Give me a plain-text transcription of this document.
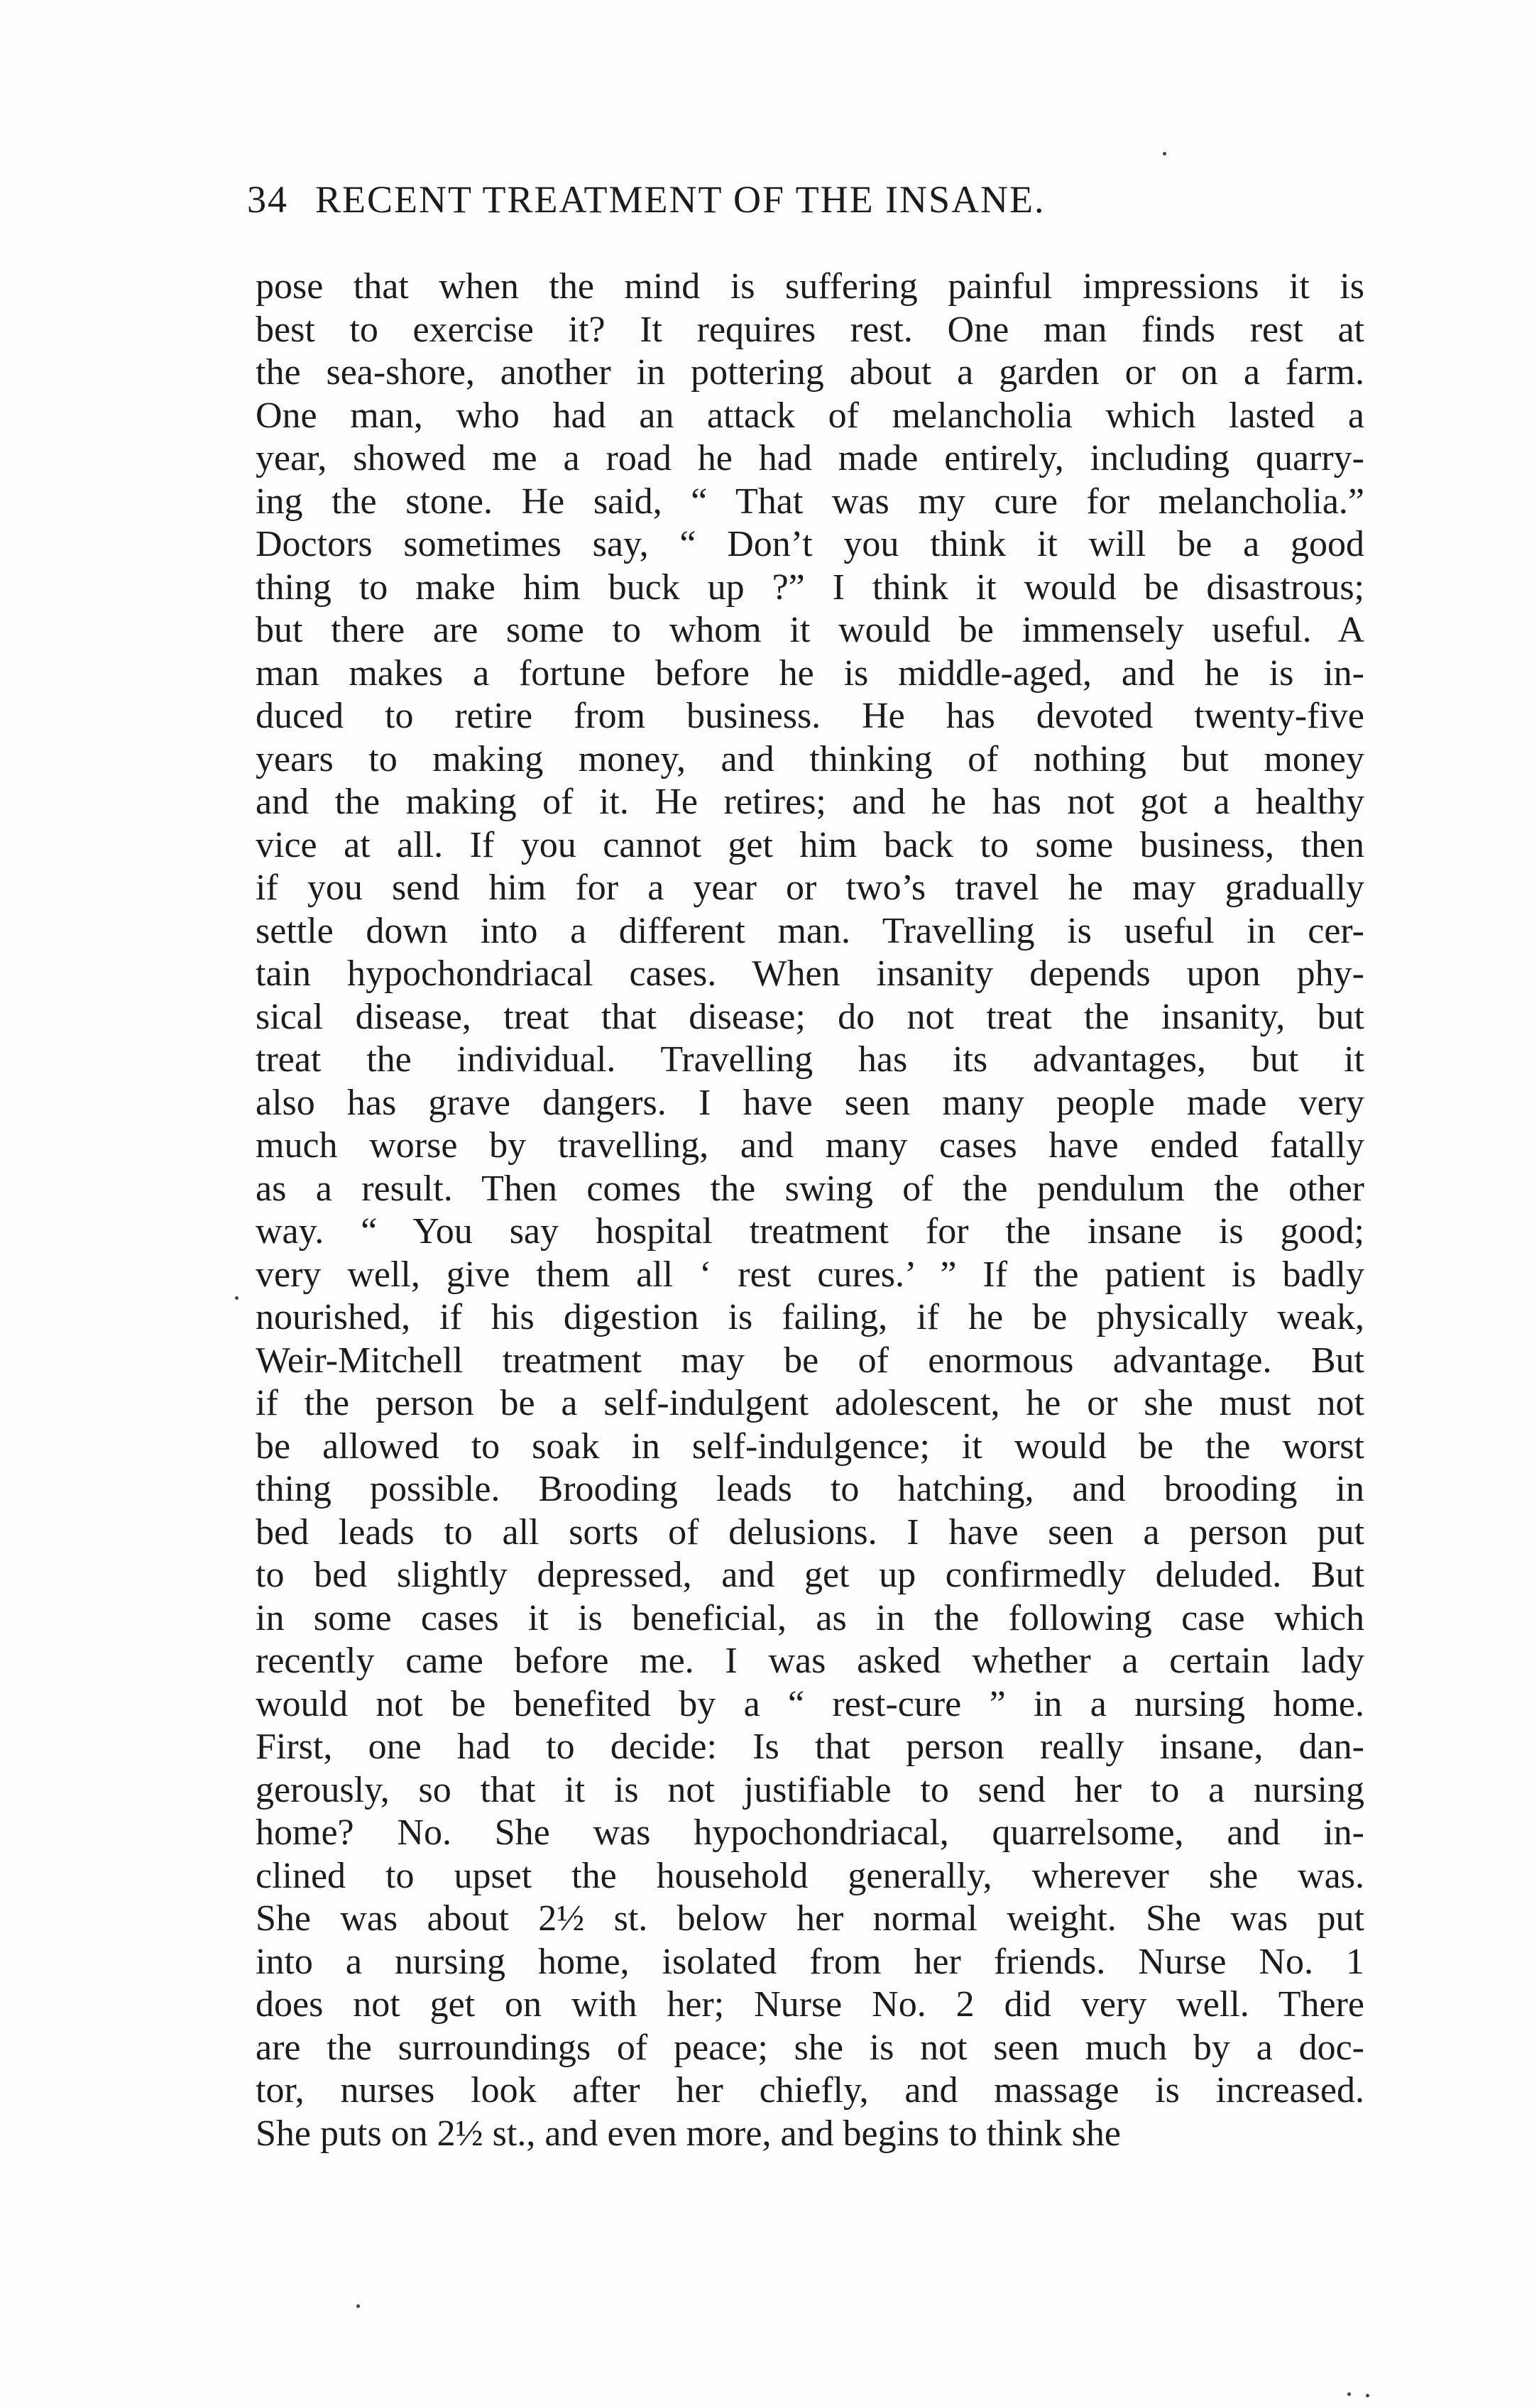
34 RECENT TREATMENT OF THE INSANE.
pose that when the mind is suffering painful impressions it is
best to exercise it? It requires rest. One man finds rest at
the sea-shore, another in pottering about a garden or on a farm.
One man, who had an attack of melancholia which lasted a
year, showed me a road he had made entirely, including quarry-
ing the stone. He said, “ That was my cure for melancholia.”
Doctors sometimes say, “ Don’t you think it will be a good
thing to make him buck up ?” I think it would be disastrous;
but there are some to whom it would be immensely useful. A
man makes a fortune before he is middle-aged, and he is in-
duced to retire from business. He has devoted twenty-five
years to making money, and thinking of nothing but money
and the making of it. He retires; and he has not got a healthy
vice at all. If you cannot get him back to some business, then
if you send him for a year or two’s travel he may gradually
settle down into a different man. Travelling is useful in cer-
tain hypochondriacal cases. When insanity depends upon phy-
sical disease, treat that disease; do not treat the insanity, but
treat the individual. Travelling has its advantages, but it
also has grave dangers. I have seen many people made very
much worse by travelling, and many cases have ended fatally
as a result. Then comes the swing of the pendulum the other
way. “ You say hospital treatment for the insane is good;
very well, give them all ‘ rest cures.’ ” If the patient is badly
nourished, if his digestion is failing, if he be physically weak,
Weir-Mitchell treatment may be of enormous advantage. But
if the person be a self-indulgent adolescent, he or she must not
be allowed to soak in self-indulgence; it would be the worst
thing possible. Brooding leads to hatching, and brooding in
bed leads to all sorts of delusions. I have seen a person put
to bed slightly depressed, and get up confirmedly deluded. But
in some cases it is beneficial, as in the following case which
recently came before me. I was asked whether a certain lady
would not be benefited by a “ rest-cure ” in a nursing home.
First, one had to decide: Is that person really insane, dan-
gerously, so that it is not justifiable to send her to a nursing
home? No. She was hypochondriacal, quarrelsome, and in-
clined to upset the household generally, wherever she was.
She was about 2½ st. below her normal weight. She was put
into a nursing home, isolated from her friends. Nurse No. 1
does not get on with her; Nurse No. 2 did very well. There
are the surroundings of peace; she is not seen much by a doc-
tor, nurses look after her chiefly, and massage is increased.
She puts on 2½ st., and even more, and begins to think she
